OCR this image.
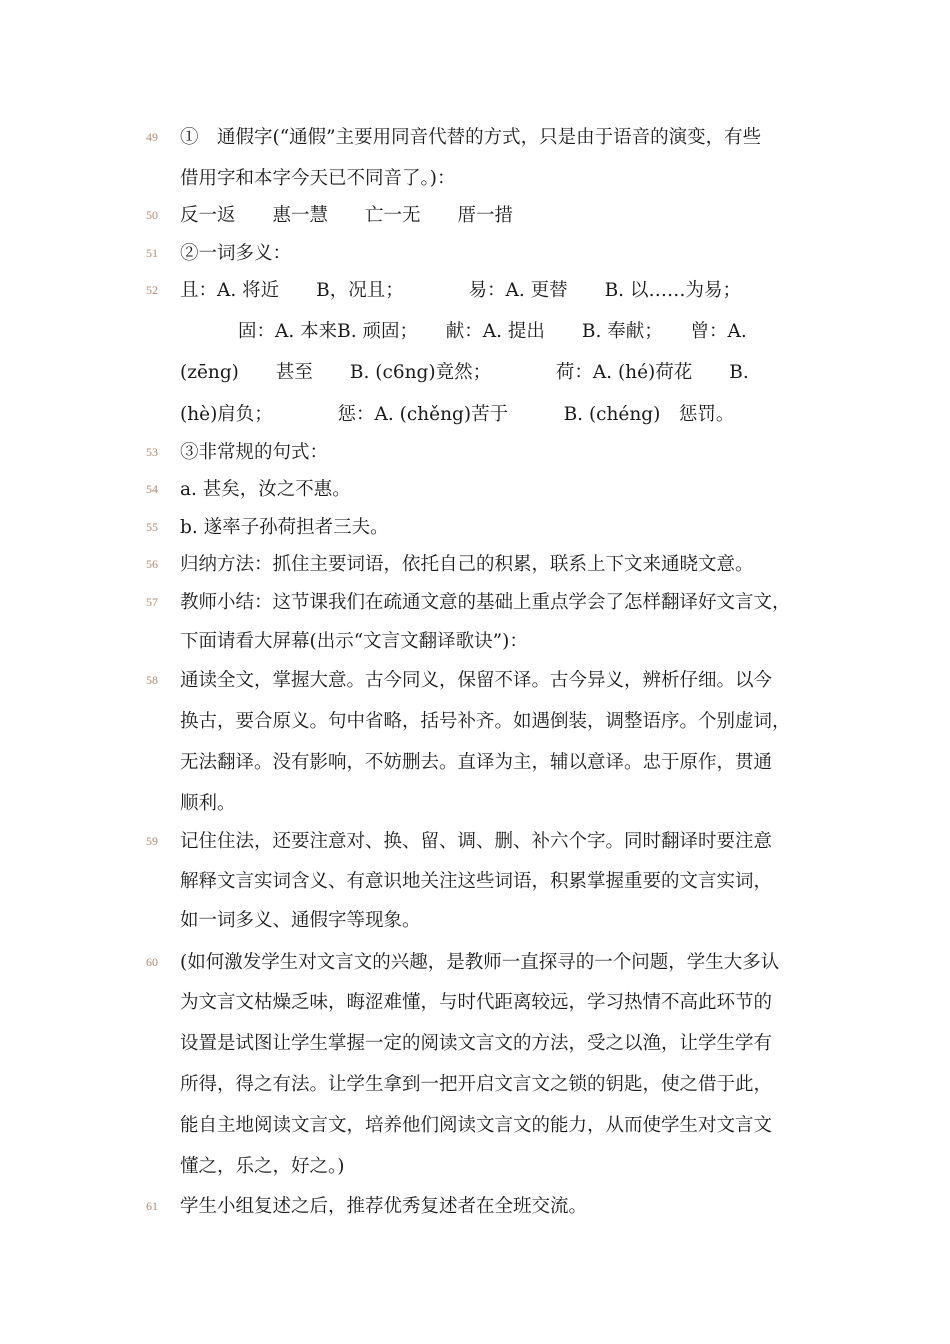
49	①　通假字(“通假”主要用同音代替的方式，只是由于语音的演变，有些
借用字和本字今天已不同音了。)：
50	反一返　　惠一慧　　亡一无　　厝一措
51	②一词多义：
52	且：A. 将近　　B，况且；　　　　易：A. 更替　　B. 以……为易；
固：A. 本来B. 顽固；　　献：A. 提出　　B. 奉献；　　曾：A.
(zēng)　　甚至　　B. (c6ng)竟然；　　　　荷：A. (hé)荷花　　B.
(hè)肩负；　　　　惩：A. (chěng)苦于　　　B. (chéng)　惩罚。
53	③非常规的句式：
54	a. 甚矣，汝之不惠。
55	b. 遂率子孙荷担者三夫。
56	归纳方法：抓住主要词语，依托自己的积累，联系上下文来通晓文意。
57	教师小结：这节课我们在疏通文意的基础上重点学会了怎样翻译好文言文，
下面请看大屏幕(出示“文言文翻译歌诀”)：
58	通读全文，掌握大意。古今同义，保留不译。古今异义，辨析仔细。以今
换古，要合原义。句中省略，括号补齐。如遇倒装，调整语序。个别虚词，
无法翻译。没有影响，不妨删去。直译为主，辅以意译。忠于原作，贯通
顺利。
59	记住住法，还要注意对、换、留、调、删、补六个字。同时翻译时要注意
解释文言实词含义、有意识地关注这些词语，积累掌握重要的文言实词，
如一词多义、通假字等现象。
60	(如何激发学生对文言文的兴趣，是教师一直探寻的一个问题，学生大多认
为文言文枯燥乏味，晦涩难懂，与时代距离较远，学习热情不高此环节的
设置是试图让学生掌握一定的阅读文言文的方法，受之以渔，让学生学有
所得，得之有法。让学生拿到一把开启文言文之锁的钥匙，使之借于此，
能自主地阅读文言文，培养他们阅读文言文的能力，从而使学生对文言文
懂之，乐之，好之。)
61	学生小组复述之后，推荐优秀复述者在全班交流。
